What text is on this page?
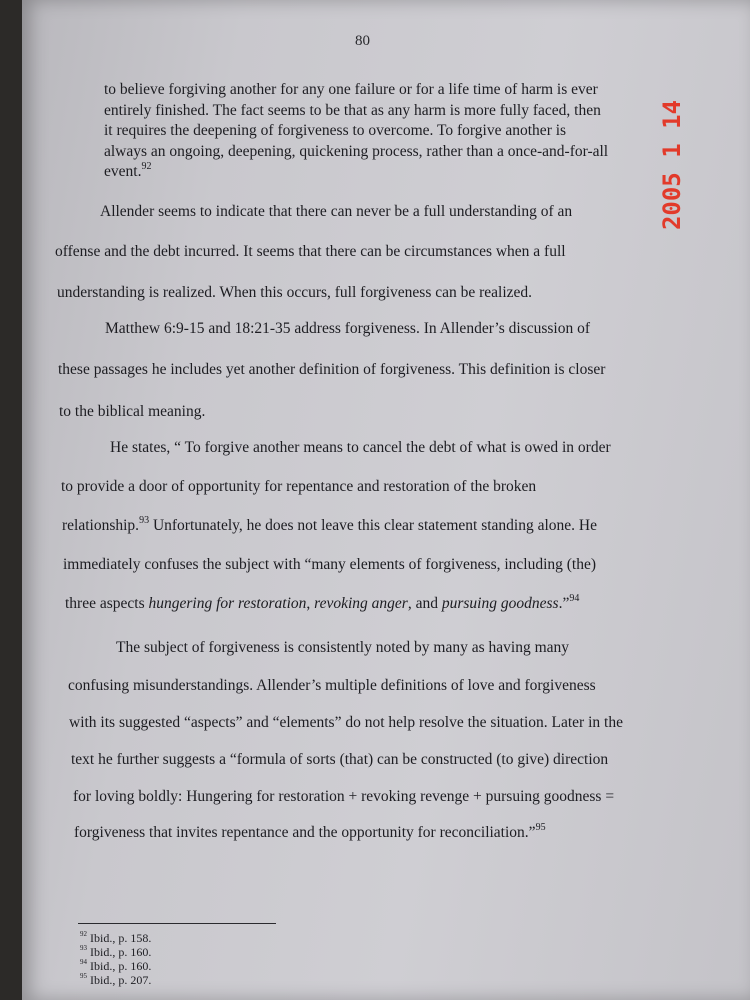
80
2005 1 14
to believe forgiving another for any one failure or for a life time of harm is ever
entirely finished. The fact seems to be that as any harm is more fully faced, then
it requires the deepening of forgiveness to overcome. To forgive another is
always an ongoing, deepening, quickening process, rather than a once-and-for-all
event.$^{92}$
Allender seems to indicate that there can never be a full understanding of an
offense and the debt incurred. It seems that there can be circumstances when a full
understanding is realized. When this occurs, full forgiveness can be realized.
Matthew 6:9-15 and 18:21-35 address forgiveness. In Allender’s discussion of
these passages he includes yet another definition of forgiveness. This definition is closer
to the biblical meaning.
He states, “ To forgive another means to cancel the debt of what is owed in order
to provide a door of opportunity for repentance and restoration of the broken
relationship.$^{93}$ Unfortunately, he does not leave this clear statement standing alone. He
immediately confuses the subject with “many elements of forgiveness, including (the)
three aspects hungering for restoration, revoking anger, and pursuing goodness.”$^{94}$
The subject of forgiveness is consistently noted by many as having many
confusing misunderstandings. Allender’s multiple definitions of love and forgiveness
with its suggested “aspects” and “elements” do not help resolve the situation. Later in the
text he further suggests a “formula of sorts (that) can be constructed (to give) direction
for loving boldly: Hungering for restoration + revoking revenge + pursuing goodness =
forgiveness that invites repentance and the opportunity for reconciliation.”$^{95}$
$^{92}$ Ibid., p. 158.
$^{93}$ Ibid., p. 160.
$^{94}$ Ibid., p. 160.
$^{95}$ Ibid., p. 207.
